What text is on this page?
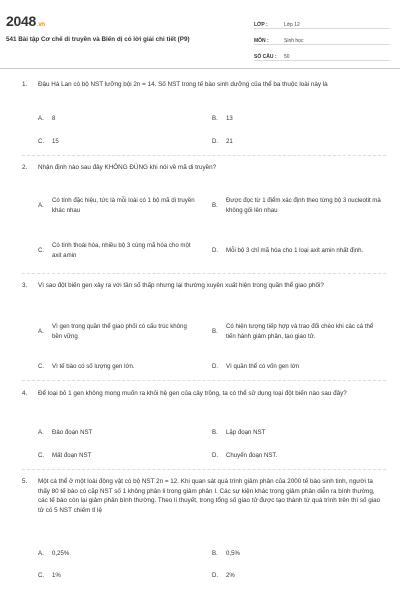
2048.vn
541 Bài tập Cơ chế di truyền và Biến dị có lời giải chi tiết (P9)
LỚP :	Lớp 12
MÔN :	Sinh học
SỐ CÂU :	50
1. Đậu Hà Lan có bộ NST lưỡng bội 2n = 14. Số NST trong tế bào sinh dưỡng của thể ba thuộc loài này là
A.	8	B.	13
C.	15	D.	21
2. Nhận định nào sau đây KHÔNG ĐÚNG khi nói về mã di truyền?
A.
Có tính đặc hiệu, tức là mỗi loài có 1 bộ mã di truyền khác nhau
B.
Được đọc từ 1 điểm xác định theo từng bộ 3 nucleotit mà không gối lên nhau
C.
Có tính thoái hóa, nhiều bộ 3 cùng mã hóa cho một axit amin
D.	Mỗi bộ 3 chỉ mã hóa cho 1 loại axit amin nhất định.
3. Vì sao đột biến gen xảy ra với tần số thấp nhưng lại thường xuyên xuất hiện trong quần thể giao phối?
A.
Vì gen trong quần thể giao phối có cấu trúc không bền vững
B.
Có hiện tượng tiếp hợp và trao đổi chéo khi các cá thể tiến hành giảm phân, tạo giao tử.
C.	Vì tế bào có số lượng gen lớn.	D.	Vì quần thể có vốn gen lớn
4. Để loại bỏ 1 gen không mong muốn ra khỏi hệ gen của cây trồng, ta có thể sử dụng loại đột biến nào sau đây?
A.	Đảo đoạn NST	B.	Lặp đoạn NST
C.	Mất đoạn NST	D.	Chuyển đoạn NST.
5. Một cá thể ở một loài động vật có bộ NST 2n = 12. Khi quan sát quá trình giảm phân của 2000 tế bào sinh tinh, người ta thấy 80 tế bào có cặp NST số 1 không phân li trong giảm phân I. Các sự kiện khác trong giảm phân diễn ra bình thường, các tế bào còn lại giảm phân bình thường. Theo lí thuyết, trong tổng số giao tử được tạo thành từ quá trình trên thì số giao tử có 5 NST chiếm tỉ lệ
A.	0,25%	B.	0,5%
C.	1%	D.	2%
